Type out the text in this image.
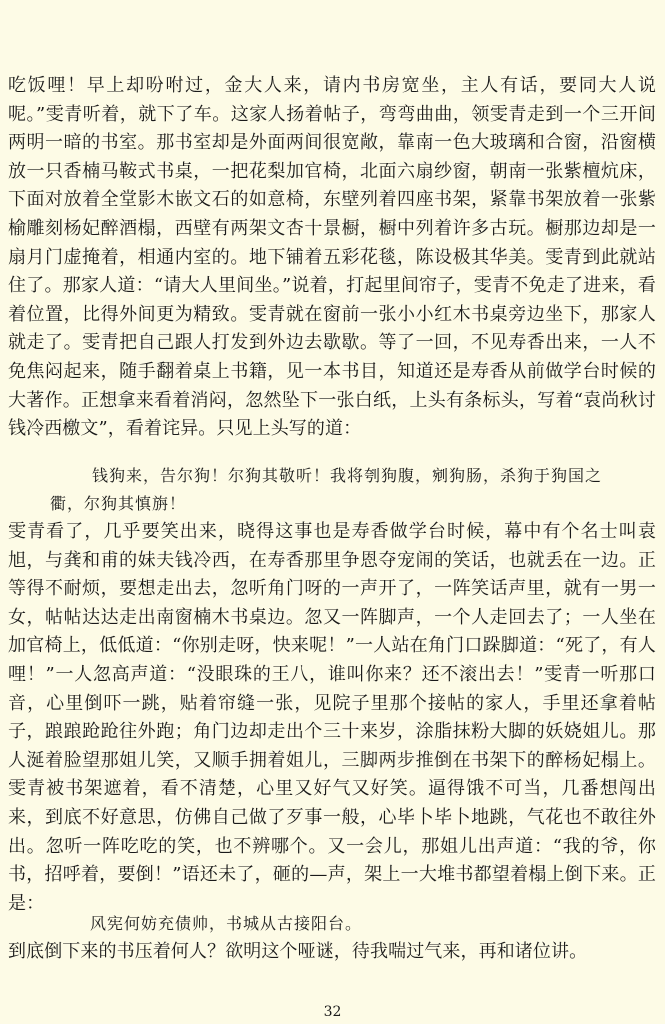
吃饭哩！早上却吩咐过，金大人来，请内书房宽坐，主人有话，要同大人说呢。”雯青听着，就下了车。这家人扬着帖子，弯弯曲曲，领雯青走到一个三开间两明一暗的书室。那书室却是外面两间很宽敞，靠南一色大玻璃和合窗，沿窗横放一只香楠马鞍式书桌，一把花梨加官椅，北面六扇纱窗，朝南一张紫檀炕床，下面对放着全堂影木嵌文石的如意椅，东壁列着四座书架，紧靠书架放着一张紫榆雕刻杨妃醉酒榻，西壁有两架文杏十景橱，橱中列着许多古玩。橱那边却是一扇月门虚掩着，相通内室的。地下铺着五彩花毯，陈设极其华美。雯青到此就站住了。那家人道：“请大人里间坐。”说着，打起里间帘子，雯青不免走了进来，看着位置，比得外间更为精致。雯青就在窗前一张小小红木书桌旁边坐下，那家人就走了。雯青把自己跟人打发到外边去歇歇。等了一回，不见寿香出来，一人不免焦闷起来，随手翻着桌上书籍，见一本书目，知道还是寿香从前做学台时候的大著作。正想拿来看着消闷，忽然坠下一张白纸，上头有条标头，写着“袁尚秋讨钱冷西檄文”，看着诧异。只见上头写的道：
钱狗来，告尔狗！尔狗其敬听！我将刳狗腹，剜狗肠，杀狗于狗国之
衢，尔狗其慎旃！
雯青看了，几乎要笑出来，晓得这事也是寿香做学台时候，幕中有个名士叫袁旭，与龚和甫的妹夫钱冷西，在寿香那里争恩夺宠闹的笑话，也就丢在一边。正等得不耐烦，要想走出去，忽听角门呀的一声开了，一阵笑话声里，就有一男一女，帖帖达达走出南窗楠木书桌边。忽又一阵脚声，一个人走回去了；一人坐在加官椅上，低低道：“你别走呀，快来呢！”一人站在角门口跺脚道：“死了，有人哩！”一人忽高声道：“没眼珠的王八，谁叫你来？还不滚出去！”雯青一听那口音，心里倒吓一跳，贴着帘缝一张，见院子里那个接帖的家人，手里还拿着帖子，踉踉跄跄往外跑；角门边却走出个三十来岁，涂脂抹粉大脚的妖娆姐儿。那人涎着脸望那姐儿笑，又顺手拥着姐儿，三脚两步推倒在书架下的醉杨妃榻上。雯青被书架遮着，看不清楚，心里又好气又好笑。逼得饿不可当，几番想闯出来，到底不好意思，仿佛自己做了歹事一般，心毕卜毕卜地跳，气花也不敢往外出。忽听一阵吃吃的笑，也不辨哪个。又一会儿，那姐儿出声道：“我的爷，你书，招呼着，要倒！”语还未了，砸的—声，架上一大堆书都望着榻上倒下来。正是：
风宪何妨充债帅，书城从古接阳台。
到底倒下来的书压着何人？欲明这个哑谜，待我喘过气来，再和诸位讲。
32
